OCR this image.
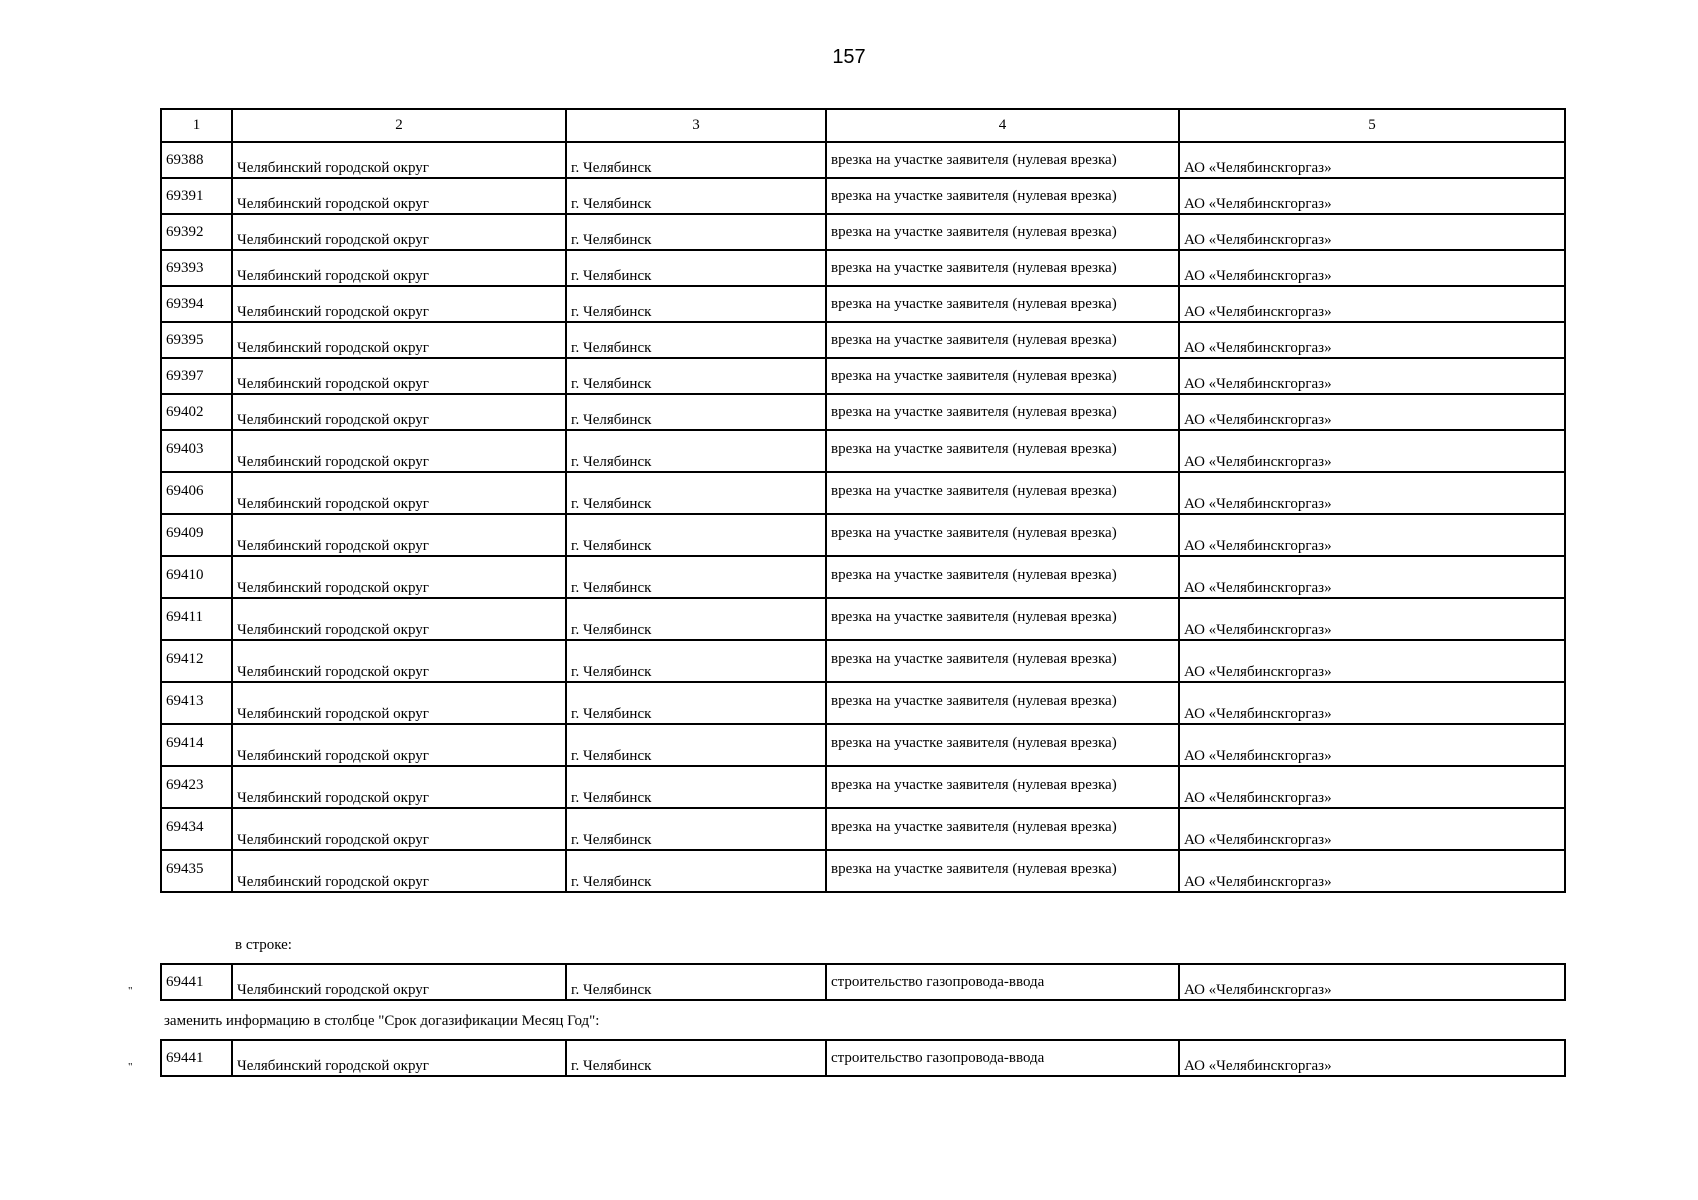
157
1	2	3	4	5

69388	Челябинский городской округ	г. Челябинск	врезка на участке заявителя (нулевая врезка)	АО «Челябинскгоргаз»

69391	Челябинский городской округ	г. Челябинск	врезка на участке заявителя (нулевая врезка)	АО «Челябинскгоргаз»

69392	Челябинский городской округ	г. Челябинск	врезка на участке заявителя (нулевая врезка)	АО «Челябинскгоргаз»

69393	Челябинский городской округ	г. Челябинск	врезка на участке заявителя (нулевая врезка)	АО «Челябинскгоргаз»

69394	Челябинский городской округ	г. Челябинск	врезка на участке заявителя (нулевая врезка)	АО «Челябинскгоргаз»

69395	Челябинский городской округ	г. Челябинск	врезка на участке заявителя (нулевая врезка)	АО «Челябинскгоргаз»

69397	Челябинский городской округ	г. Челябинск	врезка на участке заявителя (нулевая врезка)	АО «Челябинскгоргаз»

69402	Челябинский городской округ	г. Челябинск	врезка на участке заявителя (нулевая врезка)	АО «Челябинскгоргаз»

69403	Челябинский городской округ	г. Челябинск	врезка на участке заявителя (нулевая врезка)	АО «Челябинскгоргаз»

69406	Челябинский городской округ	г. Челябинск	врезка на участке заявителя (нулевая врезка)	АО «Челябинскгоргаз»

69409	Челябинский городской округ	г. Челябинск	врезка на участке заявителя (нулевая врезка)	АО «Челябинскгоргаз»

69410	Челябинский городской округ	г. Челябинск	врезка на участке заявителя (нулевая врезка)	АО «Челябинскгоргаз»

69411	Челябинский городской округ	г. Челябинск	врезка на участке заявителя (нулевая врезка)	АО «Челябинскгоргаз»

69412	Челябинский городской округ	г. Челябинск	врезка на участке заявителя (нулевая врезка)	АО «Челябинскгоргаз»

69413	Челябинский городской округ	г. Челябинск	врезка на участке заявителя (нулевая врезка)	АО «Челябинскгоргаз»

69414	Челябинский городской округ	г. Челябинск	врезка на участке заявителя (нулевая врезка)	АО «Челябинскгоргаз»

69423	Челябинский городской округ	г. Челябинск	врезка на участке заявителя (нулевая врезка)	АО «Челябинскгоргаз»

69434	Челябинский городской округ	г. Челябинск	врезка на участке заявителя (нулевая врезка)	АО «Челябинскгоргаз»

69435	Челябинский городской округ	г. Челябинск	врезка на участке заявителя (нулевая врезка)	АО «Челябинскгоргаз»
в строке:
"
69441	Челябинский городской округ	г. Челябинск	строительство газопровода-ввода	АО «Челябинскгоргаз»
заменить информацию в столбце "Срок догазификации Месяц Год":
"
69441	Челябинский городской округ	г. Челябинск	строительство газопровода-ввода	АО «Челябинскгоргаз»
